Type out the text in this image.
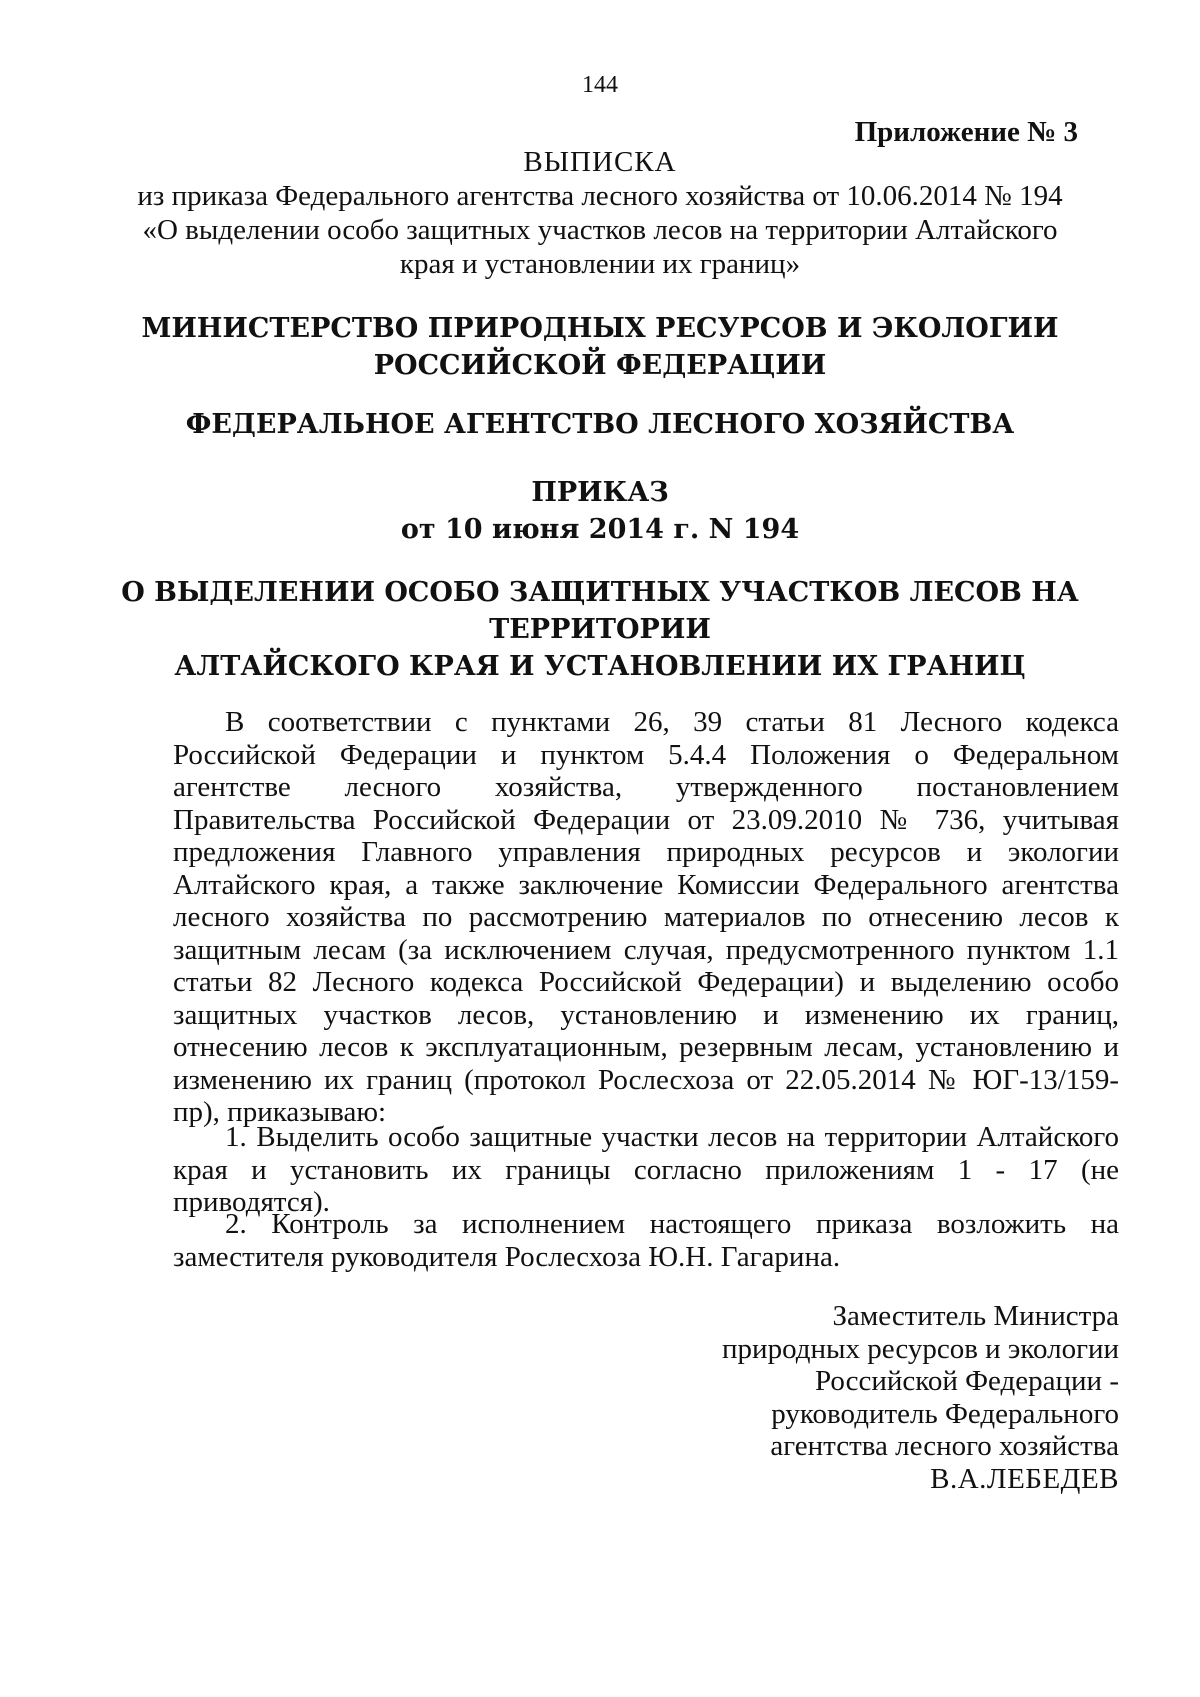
144
Приложение № 3
ВЫПИСКА
из приказа Федерального агентства лесного хозяйства от 10.06.2014 № 194
«О выделении особо защитных участков лесов на территории Алтайского
края и установлении их границ»
МИНИСТЕРСТВО ПРИРОДНЫХ РЕСУРСОВ И ЭКОЛОГИИ
РОССИЙСКОЙ ФЕДЕРАЦИИ
ФЕДЕРАЛЬНОЕ АГЕНТСТВО ЛЕСНОГО ХОЗЯЙСТВА
ПРИКАЗ
от 10 июня 2014 г. N 194
О ВЫДЕЛЕНИИ ОСОБО ЗАЩИТНЫХ УЧАСТКОВ ЛЕСОВ НА
ТЕРРИТОРИИ
АЛТАЙСКОГО КРАЯ И УСТАНОВЛЕНИИ ИХ ГРАНИЦ
В соответствии с пунктами 26, 39 статьи 81 Лесного кодекса Российской Федерации и пунктом 5.4.4 Положения о Федеральном агентстве лесного хозяйства, утвержденного постановлением Правительства Российской Федерации от 23.09.2010 № 736, учитывая предложения Главного управления природных ресурсов и экологии Алтайского края, а также заключение Комиссии Федерального агентства лесного хозяйства по рассмотрению материалов по отнесению лесов к защитным лесам (за исключением случая, предусмотренного пунктом 1.1 статьи 82 Лесного кодекса Российской Федерации) и выделению особо защитных участков лесов, установлению и изменению их границ, отнесению лесов к эксплуатационным, резервным лесам, установлению и изменению их границ (протокол Рослесхоза от 22.05.2014 № ЮГ-13/159-пр), приказываю:
1. Выделить особо защитные участки лесов на территории Алтайского края и установить их границы согласно приложениям 1 - 17 (не приводятся).
2. Контроль за исполнением настоящего приказа возложить на заместителя руководителя Рослесхоза Ю.Н. Гагарина.
Заместитель Министра
природных ресурсов и экологии
Российской Федерации -
руководитель Федерального
агентства лесного хозяйства
В.А.ЛЕБЕДЕВ
